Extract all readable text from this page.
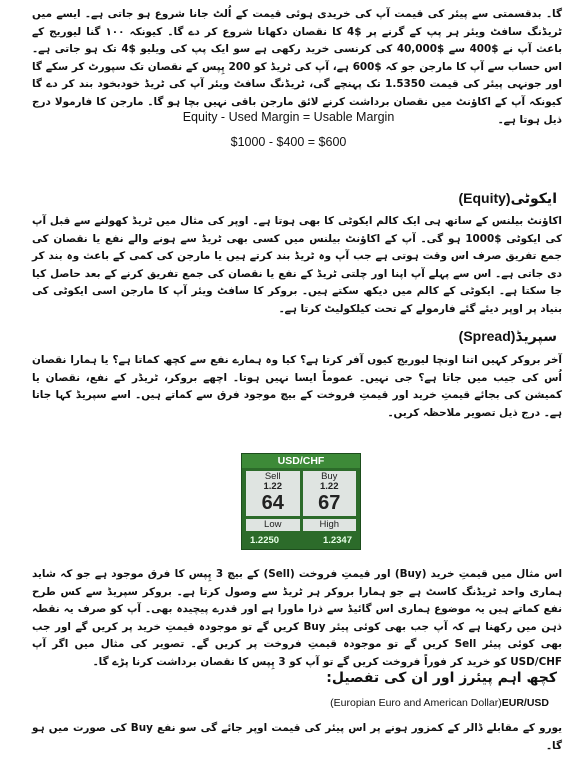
گا۔ بدقسمتی سے پیئر کی قیمت آپ کی خریدی ہوئی قیمت کے اُلٹ جانا شروع ہو جاتی ہے۔ ایسے میں ٹریڈنگ سافٹ ویئر ہر پپ کے گرنے پر $4 کا نقصان دکھانا شروع کر دے گا۔ کیونکہ ۱۰۰ گنا لیوریج کے باعث آپ نے $400 سے $40,000 کی کرنسی خرید رکھی ہے سو ایک پپ کی ویلیو $4 تک ہو جاتی ہے۔ اس حساب سے آپ کا مارجن جو کہ $600 ہے، آپ کی ٹریڈ کو 200 پِپس کے نقصان تک سپورٹ کر سکے گا اور جونہی پیئر کی قیمت 1.5350 تک پہنچے گی، ٹریڈنگ سافٹ ویئر آپ کی ٹریڈ خودبخود بند کر دے گا کیونکہ آپ کے اکاؤنٹ میں نقصان برداشت کرنے لائق مارجن باقی نہیں بچا ہو گا۔ مارجن کا فارمولا درج ذیل ہوتا ہے۔

Equity - Used Margin = Usable Margin
$1000 - $400 = $600
ایکوٹی(Equity)

اکاؤنٹ بیلنس کے ساتھ ہی ایک کالم ایکوٹی کا بھی ہوتا ہے۔ اوپر کی مثال میں ٹریڈ کھولنے سے قبل آپ کی ایکوٹی $1000 ہو گی۔ آپ کے اکاؤنٹ بیلنس میں کسی بھی ٹریڈ سے ہونے والے نفع یا نقصان کی جمع تفریق صرف اس وقت ہوتی ہے جب آپ وہ ٹریڈ بند کرتے ہیں یا مارجن کی کمی کے باعث وہ بند کر دی جاتی ہے۔ اس سے پہلے آپ اپنا اور چلتی ٹریڈ کے نفع یا نقصان کی جمع تفریق کرنے کے بعد حاصل کیا جا سکتا ہے۔ ایکوٹی کے کالم میں دیکھ سکتے ہیں۔ بروکر کا سافٹ ویئر آپ کا مارجن اسی ایکوٹی کی بنیاد پر اوپر دیئے گئے فارمولے کے تحت کیلکولیٹ کرتا ہے۔

سپریڈ(Spread)

آخر بروکر کہیں اتنا اونچا لیوریج کیوں آفر کرتا ہے؟ کیا وہ ہمارے نفع سے کچھ کماتا ہے؟ یا ہمارا نقصان اُس کی جیب میں جاتا ہے؟ جی نہیں۔ عموماً ایسا نہیں ہوتا۔ اچھے بروکر، ٹریڈر کے نفع، نقصان یا کمیشن کی بجائے قیمتِ خرید اور قیمتِ فروخت کے بیچ موجود فرق سے کماتے ہیں۔ اسے سپریڈ کہا جاتا ہے۔ درج ذیل تصویر ملاحظہ کریں۔

USD/CHF
Sell
1.22
64
Buy
1.22
67
Low	High
1.2250	1.2347

اس مثال میں قیمتِ خرید (Buy) اور قیمتِ فروخت (Sell) کے بیچ 3 پِپس کا فرق موجود ہے جو کہ شاید ہماری واحد ٹریڈنگ کاسٹ ہے جو ہمارا بروکر ہر ٹریڈ سے وصول کرتا ہے۔ بروکر سپریڈ سے کس طرح نفع کماتے ہیں یہ موضوع ہماری اس گائیڈ سے ذرا ماورا ہے اور قدرے پیچیدہ بھی۔ آپ کو صرف یہ نقطہ ذہن میں رکھنا ہے کہ آپ جب بھی کوئی پیئر Buy کریں گے تو موجودہ قیمتِ خرید پر کریں گے اور جب بھی کوئی پیئر Sell کریں گے تو موجودہ قیمتِ فروخت پر کریں گے۔ تصویر کی مثال میں اگر آپ USD/CHF کو خرید کر فوراً فروخت کریں گے تو آپ کو 3 پِپس کا نقصان برداشت کرنا پڑے گا۔

کچھ اہم پیئرز اور ان کی تفصیل:
(Europian Euro and American Dollar)EUR/USD

یورو کے مقابلے ڈالر کے کمزور ہونے پر اس پیئر کی قیمت اوپر جائے گی سو نفع Buy کی صورت میں ہو گا۔
